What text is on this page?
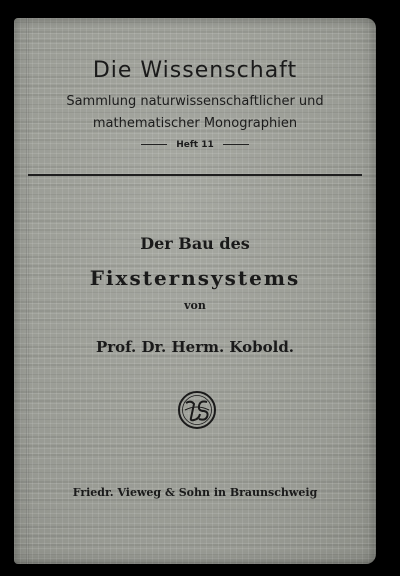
Die Wissenschaft
Sammlung naturwissenschaftlicher und
mathematischer Monographien
Heft 11
Der Bau des
Fixsternsystems
von
Prof. Dr. Herm. Kobold.
Friedr. Vieweg & Sohn in Braunschweig
